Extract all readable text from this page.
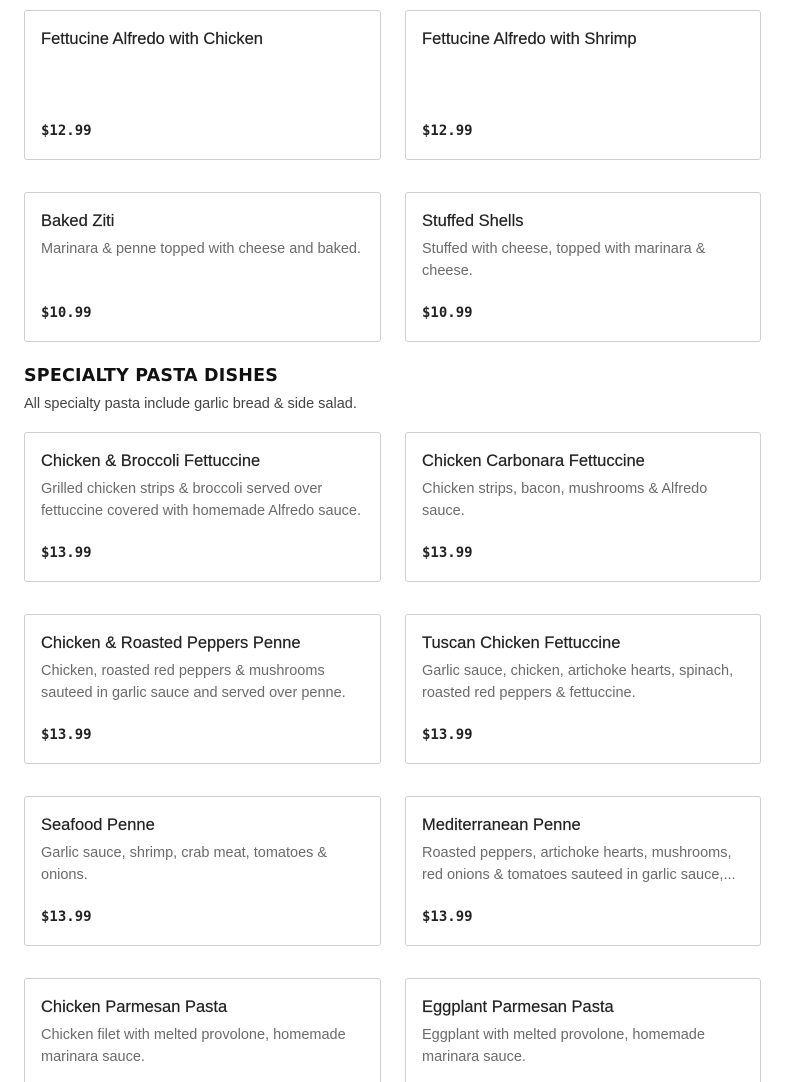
Fettucine Alfredo with Chicken
$12.99
Fettucine Alfredo with Shrimp
$12.99
Baked Ziti
Marinara & penne topped with cheese and baked.
$10.99
Stuffed Shells
Stuffed with cheese, topped with marinara & cheese.
$10.99
SPECIALTY PASTA DISHES

All specialty pasta include garlic bread & side salad.

Chicken & Broccoli Fettuccine
Grilled chicken strips & broccoli served over fettuccine covered with homemade Alfredo sauce.
$13.99
Chicken Carbonara Fettuccine
Chicken strips, bacon, mushrooms & Alfredo sauce.
$13.99
Chicken & Roasted Peppers Penne
Chicken, roasted red peppers & mushrooms sauteed in garlic sauce and served over penne.
$13.99
Tuscan Chicken Fettuccine
Garlic sauce, chicken, artichoke hearts, spinach, roasted red peppers & fettuccine.
$13.99
Seafood Penne
Garlic sauce, shrimp, crab meat, tomatoes & onions.
$13.99
Mediterranean Penne
Roasted peppers, artichoke hearts, mushrooms, red onions & tomatoes sauteed in garlic sauce,...
$13.99
Chicken Parmesan Pasta
Chicken filet with melted provolone, homemade marinara sauce.
Eggplant Parmesan Pasta
Eggplant with melted provolone, homemade marinara sauce.
